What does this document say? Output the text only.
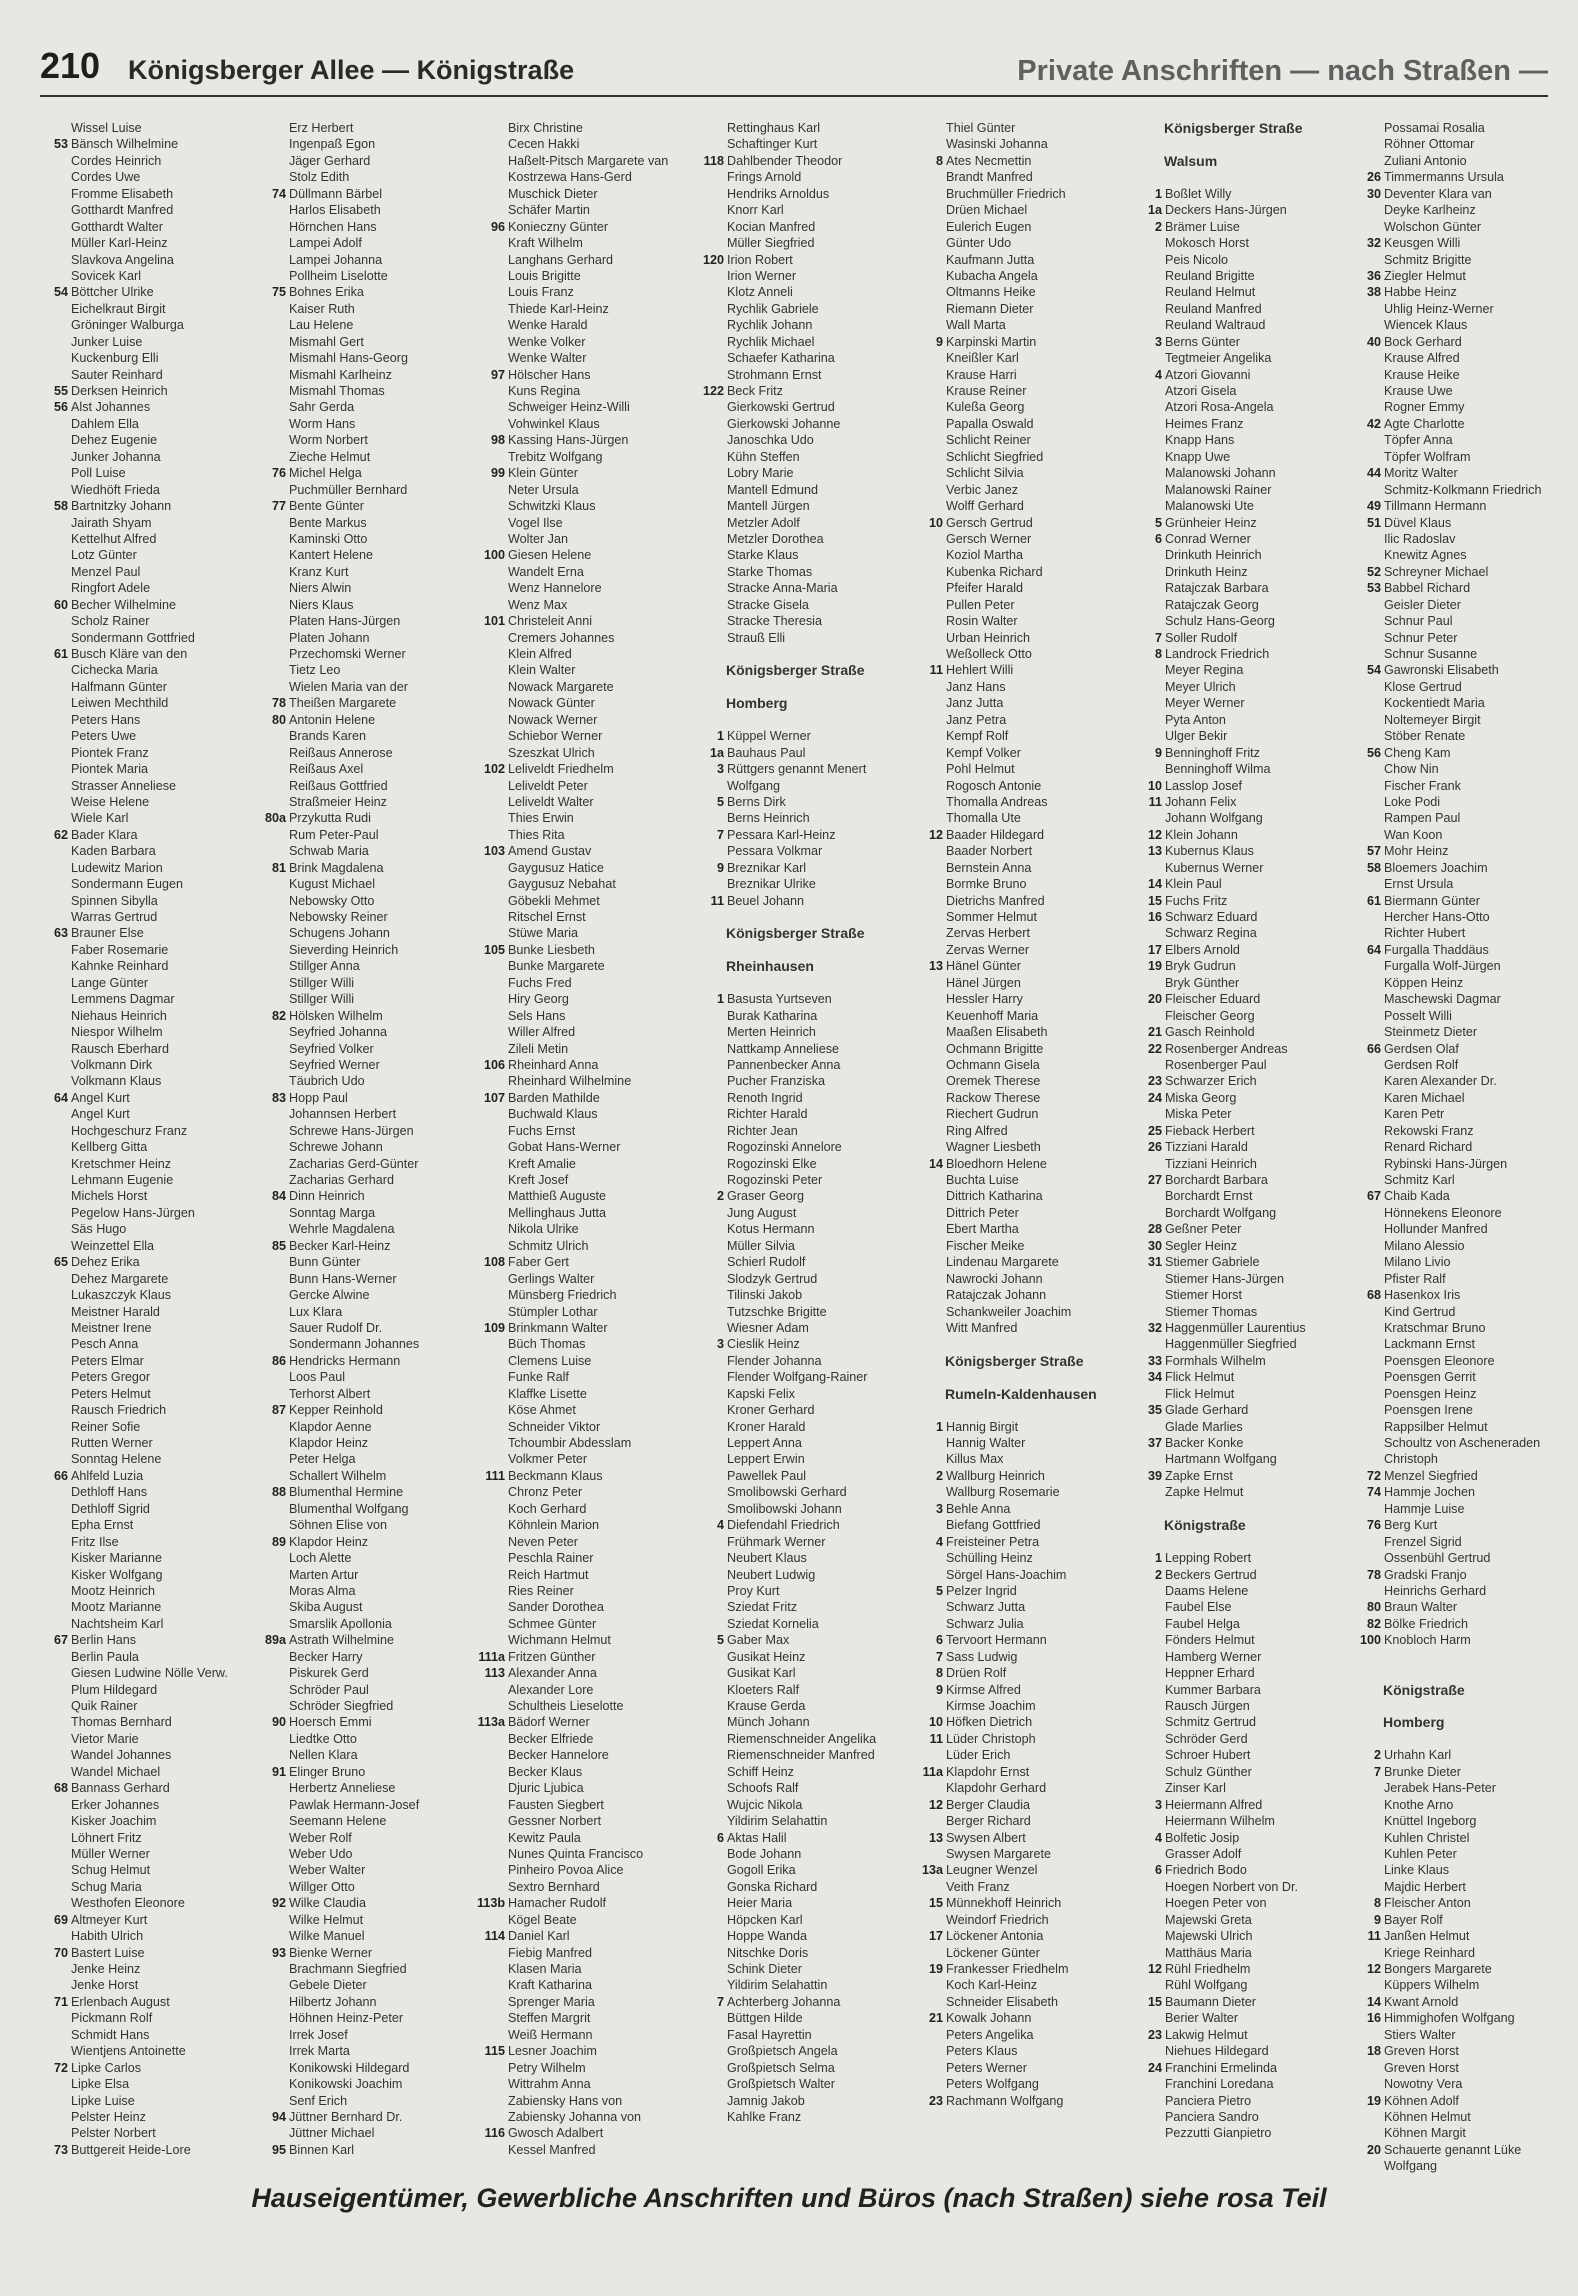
210 Königsberger Allee — Königstraße	Private Anschriften — nach Straßen —
Wissel Luise
53 Bänsch Wilhelmine
Cordes Heinrich
Cordes Uwe
Fromme Elisabeth
Gotthardt Manfred
Gotthardt Walter
Müller Karl-Heinz
Slavkova Angelina
Sovicek Karl
54 Böttcher Ulrike
Eichelkraut Birgit
Gröninger Walburga
Junker Luise
Kuckenburg Elli
Sauter Reinhard
55 Derksen Heinrich
56 Alst Johannes
Dahlem Ella
Dehez Eugenie
Junker Johanna
Poll Luise
Wiedhöft Frieda
58 Bartnitzky Johann
Jairath Shyam
Kettelhut Alfred
Lotz Günter
Menzel Paul
Ringfort Adele
60 Becher Wilhelmine
Scholz Rainer
Sondermann Gottfried
61 Busch Kläre van den
Cichecka Maria
Halfmann Günter
Leiwen Mechthild
Peters Hans
Peters Uwe
Piontek Franz
Piontek Maria
Strasser Anneliese
Weise Helene
Wiele Karl
62 Bader Klara
Kaden Barbara
Ludewitz Marion
Sondermann Eugen
Spinnen Sibylla
Warras Gertrud
63 Brauner Else
Faber Rosemarie
Kahnke Reinhard
Lange Günter
Lemmens Dagmar
Niehaus Heinrich
Niespor Wilhelm
Rausch Eberhard
Volkmann Dirk
Volkmann Klaus
64 Angel Kurt
Angel Kurt
Hochgeschurz Franz
Kellberg Gitta
Kretschmer Heinz
Lehmann Eugenie
Michels Horst
Pegelow Hans-Jürgen
Säs Hugo
Weinzettel Ella
65 Dehez Erika
Dehez Margarete
Lukaszczyk Klaus
Meistner Harald
Meistner Irene
Pesch Anna
Peters Elmar
Peters Gregor
Peters Helmut
Rausch Friedrich
Reiner Sofie
Rutten Werner
Sonntag Helene
66 Ahlfeld Luzia
Dethloff Hans
Dethloff Sigrid
Epha Ernst
Fritz Ilse
Kisker Marianne
Kisker Wolfgang
Mootz Heinrich
Mootz Marianne
Nachtsheim Karl
67 Berlin Hans
Berlin Paula
Giesen Ludwine Nölle Verw.
Plum Hildegard
Quik Rainer
Thomas Bernhard
Vietor Marie
Wandel Johannes
Wandel Michael
68 Bannass Gerhard
Erker Johannes
Kisker Joachim
Löhnert Fritz
Müller Werner
Schug Helmut
Schug Maria
Westhofen Eleonore
69 Altmeyer Kurt
Habith Ulrich
70 Bastert Luise
Jenke Heinz
Jenke Horst
71 Erlenbach August
Pickmann Rolf
Schmidt Hans
Wientjens Antoinette
72 Lipke Carlos
Lipke Elsa
Lipke Luise
Pelster Heinz
Pelster Norbert
73 Buttgereit Heide-Lore
Erz Herbert
Ingenpaß Egon
Jäger Gerhard
Stolz Edith
74 Düllmann Bärbel
Harlos Elisabeth
Hörnchen Hans
Lampei Adolf
Lampei Johanna
Pollheim Liselotte
75 Bohnes Erika
Kaiser Ruth
Lau Helene
Mismahl Gert
Mismahl Hans-Georg
Mismahl Karlheinz
Mismahl Thomas
Sahr Gerda
Worm Hans
Worm Norbert
Zieche Helmut
76 Michel Helga
Puchmüller Bernhard
77 Bente Günter
Bente Markus
Kaminski Otto
Kantert Helene
Kranz Kurt
Niers Alwin
Niers Klaus
Platen Hans-Jürgen
Platen Johann
Przechomski Werner
Tietz Leo
Wielen Maria van der
78 Theißen Margarete
80 Antonin Helene
Brands Karen
Reißaus Annerose
Reißaus Axel
Reißaus Gottfried
Straßmeier Heinz
80a Przykutta Rudi
Rum Peter-Paul
Schwab Maria
81 Brink Magdalena
Kugust Michael
Nebowsky Otto
Nebowsky Reiner
Schugens Johann
Sieverding Heinrich
Stillger Anna
Stillger Willi
Stillger Willi
82 Hölsken Wilhelm
Seyfried Johanna
Seyfried Volker
Seyfried Werner
Täubrich Udo
83 Hopp Paul
Johannsen Herbert
Schrewe Hans-Jürgen
Schrewe Johann
Zacharias Gerd-Günter
Zacharias Gerhard
84 Dinn Heinrich
Sonntag Marga
Wehrle Magdalena
85 Becker Karl-Heinz
Bunn Günter
Bunn Hans-Werner
Gercke Alwine
Lux Klara
Sauer Rudolf Dr.
Sondermann Johannes
86 Hendricks Hermann
Loos Paul
Terhorst Albert
87 Kepper Reinhold
Klapdor Aenne
Klapdor Heinz
Peter Helga
Schallert Wilhelm
88 Blumenthal Hermine
Blumenthal Wolfgang
Söhnen Elise von
89 Klapdor Heinz
Loch Alette
Marten Artur
Moras Alma
Skiba August
Smarslik Apollonia
89a Astrath Wilhelmine
Becker Harry
Piskurek Gerd
Schröder Paul
Schröder Siegfried
90 Hoersch Emmi
Liedtke Otto
Nellen Klara
91 Elinger Bruno
Herbertz Anneliese
Pawlak Hermann-Josef
Seemann Helene
Weber Rolf
Weber Udo
Weber Walter
Willger Otto
92 Wilke Claudia
Wilke Helmut
Wilke Manuel
93 Bienke Werner
Brachmann Siegfried
Gebele Dieter
Hilbertz Johann
Höhnen Heinz-Peter
Irrek Josef
Irrek Marta
Konikowski Hildegard
Konikowski Joachim
Senf Erich
94 Jüttner Bernhard Dr.
Jüttner Michael
95 Binnen Karl
Birx Christine
Cecen Hakki
Haßelt-Pitsch Margarete van
Kostrzewa Hans-Gerd
Muschick Dieter
Schäfer Martin
96 Konieczny Günter
Kraft Wilhelm
Langhans Gerhard
Louis Brigitte
Louis Franz
Thiede Karl-Heinz
Wenke Harald
Wenke Volker
Wenke Walter
97 Hölscher Hans
Kuns Regina
Schweiger Heinz-Willi
Vohwinkel Klaus
98 Kassing Hans-Jürgen
Trebitz Wolfgang
99 Klein Günter
Neter Ursula
Schwitzki Klaus
Vogel Ilse
Wolter Jan
100 Giesen Helene
Wandelt Erna
Wenz Hannelore
Wenz Max
101 Christeleit Anni
Cremers Johannes
Klein Alfred
Klein Walter
Nowack Margarete
Nowack Günter
Nowack Werner
Schiebor Werner
Szeszkat Ulrich
102 Leliveldt Friedhelm
Leliveldt Peter
Leliveldt Walter
Thies Erwin
Thies Rita
103 Amend Gustav
Gaygusuz Hatice
Gaygusuz Nebahat
Göbekli Mehmet
Ritschel Ernst
Stüwe Maria
105 Bunke Liesbeth
Bunke Margarete
Fuchs Fred
Hiry Georg
Sels Hans
Willer Alfred
Zileli Metin
106 Rheinhard Anna
Rheinhard Wilhelmine
107 Barden Mathilde
Buchwald Klaus
Fuchs Ernst
Gobat Hans-Werner
Kreft Amalie
Kreft Josef
Matthieß Auguste
Mellinghaus Jutta
Nikola Ulrike
Schmitz Ulrich
108 Faber Gert
Gerlings Walter
Münsberg Friedrich
Stümpler Lothar
109 Brinkmann Walter
Büch Thomas
Clemens Luise
Funke Ralf
Klaffke Lisette
Köse Ahmet
Schneider Viktor
Tchoumbir Abdesslam
Volkmer Peter
111 Beckmann Klaus
Chronz Peter
Koch Gerhard
Köhnlein Marion
Neven Peter
Peschla Rainer
Reich Hartmut
Ries Reiner
Sander Dorothea
Schmee Günter
Wichmann Helmut
111a Fritzen Günther
113 Alexander Anna
Alexander Lore
Schultheis Lieselotte
113a Bädorf Werner
Becker Elfriede
Becker Hannelore
Becker Klaus
Djuric Ljubica
Fausten Siegbert
Gessner Norbert
Kewitz Paula
Nunes Quinta Francisco
Pinheiro Povoa Alice
Sextro Bernhard
113b Hamacher Rudolf
Kögel Beate
114 Daniel Karl
Fiebig Manfred
Klasen Maria
Kraft Katharina
Sprenger Maria
Steffen Margrit
Weiß Hermann
115 Lesner Joachim
Petry Wilhelm
Wittrahm Anna
Zabiensky Hans von
Zabiensky Johanna von
116 Gwosch Adalbert
Kessel Manfred
Rettinghaus Karl
Schaftinger Kurt
118 Dahlbender Theodor
Frings Arnold
Hendriks Arnoldus
Knorr Karl
Kocian Manfred
Müller Siegfried
120 Irion Robert
Irion Werner
Klotz Anneli
Rychlik Gabriele
Rychlik Johann
Rychlik Michael
Schaefer Katharina
Strohmann Ernst
122 Beck Fritz
Gierkowski Gertrud
Gierkowski Johanne
Janoschka Udo
Kühn Steffen
Lobry Marie
Mantell Edmund
Mantell Jürgen
Metzler Adolf
Metzler Dorothea
Starke Klaus
Starke Thomas
Stracke Anna-Maria
Stracke Gisela
Stracke Theresia
Strauß Elli
Königsberger Straße
Homberg
1 Küppel Werner
1a Bauhaus Paul
3 Rüttgers genannt Menert
Wolfgang
5 Berns Dirk
Berns Heinrich
7 Pessara Karl-Heinz
Pessara Volkmar
9 Breznikar Karl
Breznikar Ulrike
11 Beuel Johann
Königsberger Straße
Rheinhausen
1 Basusta Yurtseven
Burak Katharina
Merten Heinrich
Nattkamp Anneliese
Pannenbecker Anna
Pucher Franziska
Renoth Ingrid
Richter Harald
Richter Jean
Rogozinski Annelore
Rogozinski Elke
Rogozinski Peter
2 Graser Georg
Jung August
Kotus Hermann
Müller Silvia
Schierl Rudolf
Slodzyk Gertrud
Tilinski Jakob
Tutzschke Brigitte
Wiesner Adam
3 Cieslik Heinz
Flender Johanna
Flender Wolfgang-Rainer
Kapski Felix
Kroner Gerhard
Kroner Harald
Leppert Anna
Leppert Erwin
Pawellek Paul
Smolibowski Gerhard
Smolibowski Johann
4 Diefendahl Friedrich
Frühmark Werner
Neubert Klaus
Neubert Ludwig
Proy Kurt
Sziedat Fritz
Sziedat Kornelia
5 Gaber Max
Gusikat Heinz
Gusikat Karl
Kloeters Ralf
Krause Gerda
Münch Johann
Riemenschneider Angelika
Riemenschneider Manfred
Schiff Heinz
Schoofs Ralf
Wujcic Nikola
Yildirim Selahattin
6 Aktas Halil
Bode Johann
Gogoll Erika
Gonska Richard
Heier Maria
Höpcken Karl
Hoppe Wanda
Nitschke Doris
Schink Dieter
Yildirim Selahattin
7 Achterberg Johanna
Büttgen Hilde
Fasal Hayrettin
Großpietsch Angela
Großpietsch Selma
Großpietsch Walter
Jamnig Jakob
Kahlke Franz
Thiel Günter
Wasinski Johanna
8 Ates Necmettin
Brandt Manfred
Bruchmüller Friedrich
Drüen Michael
Eulerich Eugen
Günter Udo
Kaufmann Jutta
Kubacha Angela
Oltmanns Heike
Riemann Dieter
Wall Marta
9 Karpinski Martin
Kneißler Karl
Krause Harri
Krause Reiner
Kuleßa Georg
Papalla Oswald
Schlicht Reiner
Schlicht Siegfried
Schlicht Silvia
Verbic Janez
Wolff Gerhard
10 Gersch Gertrud
Gersch Werner
Koziol Martha
Kubenka Richard
Pfeifer Harald
Pullen Peter
Rosin Walter
Urban Heinrich
Weßolleck Otto
11 Hehlert Willi
Janz Hans
Janz Jutta
Janz Petra
Kempf Rolf
Kempf Volker
Pohl Helmut
Rogosch Antonie
Thomalla Andreas
Thomalla Ute
12 Baader Hildegard
Baader Norbert
Bernstein Anna
Bormke Bruno
Dietrichs Manfred
Sommer Helmut
Zervas Herbert
Zervas Werner
13 Hänel Günter
Hänel Jürgen
Hessler Harry
Keuenhoff Maria
Maaßen Elisabeth
Ochmann Brigitte
Ochmann Gisela
Oremek Therese
Rackow Therese
Riechert Gudrun
Ring Alfred
Wagner Liesbeth
14 Bloedhorn Helene
Buchta Luise
Dittrich Katharina
Dittrich Peter
Ebert Martha
Fischer Meike
Lindenau Margarete
Nawrocki Johann
Ratajczak Johann
Schankweiler Joachim
Witt Manfred
Königsberger Straße
Rumeln-Kaldenhausen
1 Hannig Birgit
Hannig Walter
Killus Max
2 Wallburg Heinrich
Wallburg Rosemarie
3 Behle Anna
Biefang Gottfried
4 Freisteiner Petra
Schülling Heinz
Sörgel Hans-Joachim
5 Pelzer Ingrid
Schwarz Jutta
Schwarz Julia
6 Tervoort Hermann
7 Sass Ludwig
8 Drüen Rolf
9 Kirmse Alfred
Kirmse Joachim
10 Höfken Dietrich
11 Lüder Christoph
Lüder Erich
11a Klapdohr Ernst
Klapdohr Gerhard
12 Berger Claudia
Berger Richard
13 Swysen Albert
Swysen Margarete
13a Leugner Wenzel
Veith Franz
15 Münnekhoff Heinrich
Weindorf Friedrich
17 Löckener Antonia
Löckener Günter
19 Frankesser Friedhelm
Koch Karl-Heinz
Schneider Elisabeth
21 Kowalk Johann
Peters Angelika
Peters Klaus
Peters Werner
Peters Wolfgang
23 Rachmann Wolfgang
Königsberger Straße
Walsum
1 Boßlet Willy
1a Deckers Hans-Jürgen
2 Brämer Luise
Mokosch Horst
Peis Nicolo
Reuland Brigitte
Reuland Helmut
Reuland Manfred
Reuland Waltraud
3 Berns Günter
Tegtmeier Angelika
4 Atzori Giovanni
Atzori Gisela
Atzori Rosa-Angela
Heimes Franz
Knapp Hans
Knapp Uwe
Malanowski Johann
Malanowski Rainer
Malanowski Ute
5 Grünheier Heinz
6 Conrad Werner
Drinkuth Heinrich
Drinkuth Heinz
Ratajczak Barbara
Ratajczak Georg
Schulz Hans-Georg
7 Soller Rudolf
8 Landrock Friedrich
Meyer Regina
Meyer Ulrich
Meyer Werner
Pyta Anton
Ulger Bekir
9 Benninghoff Fritz
Benninghoff Wilma
10 Lasslop Josef
11 Johann Felix
Johann Wolfgang
12 Klein Johann
13 Kubernus Klaus
Kubernus Werner
14 Klein Paul
15 Fuchs Fritz
16 Schwarz Eduard
Schwarz Regina
17 Elbers Arnold
19 Bryk Gudrun
Bryk Günther
20 Fleischer Eduard
Fleischer Georg
21 Gasch Reinhold
22 Rosenberger Andreas
Rosenberger Paul
23 Schwarzer Erich
24 Miska Georg
Miska Peter
25 Fieback Herbert
26 Tizziani Harald
Tizziani Heinrich
27 Borchardt Barbara
Borchardt Ernst
Borchardt Wolfgang
28 Geßner Peter
30 Segler Heinz
31 Stiemer Gabriele
Stiemer Hans-Jürgen
Stiemer Horst
Stiemer Thomas
32 Haggenmüller Laurentius
Haggenmüller Siegfried
33 Formhals Wilhelm
34 Flick Helmut
Flick Helmut
35 Glade Gerhard
Glade Marlies
37 Backer Konke
Hartmann Wolfgang
39 Zapke Ernst
Zapke Helmut
Königstraße
1 Lepping Robert
2 Beckers Gertrud
Daams Helene
Faubel Else
Faubel Helga
Fönders Helmut
Hamberg Werner
Heppner Erhard
Kummer Barbara
Rausch Jürgen
Schmitz Gertrud
Schröder Gerd
Schroer Hubert
Schulz Günther
Zinser Karl
3 Heiermann Alfred
Heiermann Wilhelm
4 Bolfetic Josip
Grasser Adolf
6 Friedrich Bodo
Hoegen Norbert von Dr.
Hoegen Peter von
Majewski Greta
Majewski Ulrich
Matthäus Maria
12 Rühl Friedhelm
Rühl Wolfgang
15 Baumann Dieter
Berier Walter
23 Lakwig Helmut
Niehues Hildegard
24 Franchini Ermelinda
Franchini Loredana
Panciera Pietro
Panciera Sandro
Pezzutti Gianpietro
Possamai Rosalia
Röhner Ottomar
Zuliani Antonio
26 Timmermanns Ursula
30 Deventer Klara van
Deyke Karlheinz
Wolschon Günter
32 Keusgen Willi
Schmitz Brigitte
36 Ziegler Helmut
38 Habbe Heinz
Uhlig Heinz-Werner
Wiencek Klaus
40 Bock Gerhard
Krause Alfred
Krause Heike
Krause Uwe
Rogner Emmy
42 Agte Charlotte
Töpfer Anna
Töpfer Wolfram
44 Moritz Walter
Schmitz-Kolkmann Friedrich
49 Tillmann Hermann
51 Düvel Klaus
Ilic Radoslav
Knewitz Agnes
52 Schreyner Michael
53 Babbel Richard
Geisler Dieter
Schnur Paul
Schnur Peter
Schnur Susanne
54 Gawronski Elisabeth
Klose Gertrud
Kockentiedt Maria
Noltemeyer Birgit
Stöber Renate
56 Cheng Kam
Chow Nin
Fischer Frank
Loke Podi
Rampen Paul
Wan Koon
57 Mohr Heinz
58 Bloemers Joachim
Ernst Ursula
61 Biermann Günter
Hercher Hans-Otto
Richter Hubert
64 Furgalla Thaddäus
Furgalla Wolf-Jürgen
Köppen Heinz
Maschewski Dagmar
Posselt Willi
Steinmetz Dieter
66 Gerdsen Olaf
Gerdsen Rolf
Karen Alexander Dr.
Karen Michael
Karen Petr
Rekowski Franz
Renard Richard
Rybinski Hans-Jürgen
Schmitz Karl
67 Chaib Kada
Hönnekens Eleonore
Hollunder Manfred
Milano Alessio
Milano Livio
Pfister Ralf
68 Hasenkox Iris
Kind Gertrud
Kratschmar Bruno
Lackmann Ernst
Poensgen Eleonore
Poensgen Gerrit
Poensgen Heinz
Poensgen Irene
Rappsilber Helmut
Schoultz von Ascheneraden
Christoph
72 Menzel Siegfried
74 Hammje Jochen
Hammje Luise
76 Berg Kurt
Frenzel Sigrid
Ossenbühl Gertrud
78 Gradski Franjo
Heinrichs Gerhard
80 Braun Walter
82 Bölke Friedrich
100 Knobloch Harm
Königstraße
Homberg
2 Urhahn Karl
7 Brunke Dieter
Jerabek Hans-Peter
Knothe Arno
Knüttel Ingeborg
Kuhlen Christel
Kuhlen Peter
Linke Klaus
Majdic Herbert
8 Fleischer Anton
9 Bayer Rolf
11 Janßen Helmut
Kriege Reinhard
12 Bongers Margarete
Küppers Wilhelm
14 Kwant Arnold
16 Himmighofen Wolfgang
Stiers Walter
18 Greven Horst
Greven Horst
Nowotny Vera
19 Köhnen Adolf
Köhnen Helmut
Köhnen Margit
20 Schauerte genannt Lüke
Wolfgang
Hauseigentümer, Gewerbliche Anschriften und Büros (nach Straßen) siehe rosa Teil
